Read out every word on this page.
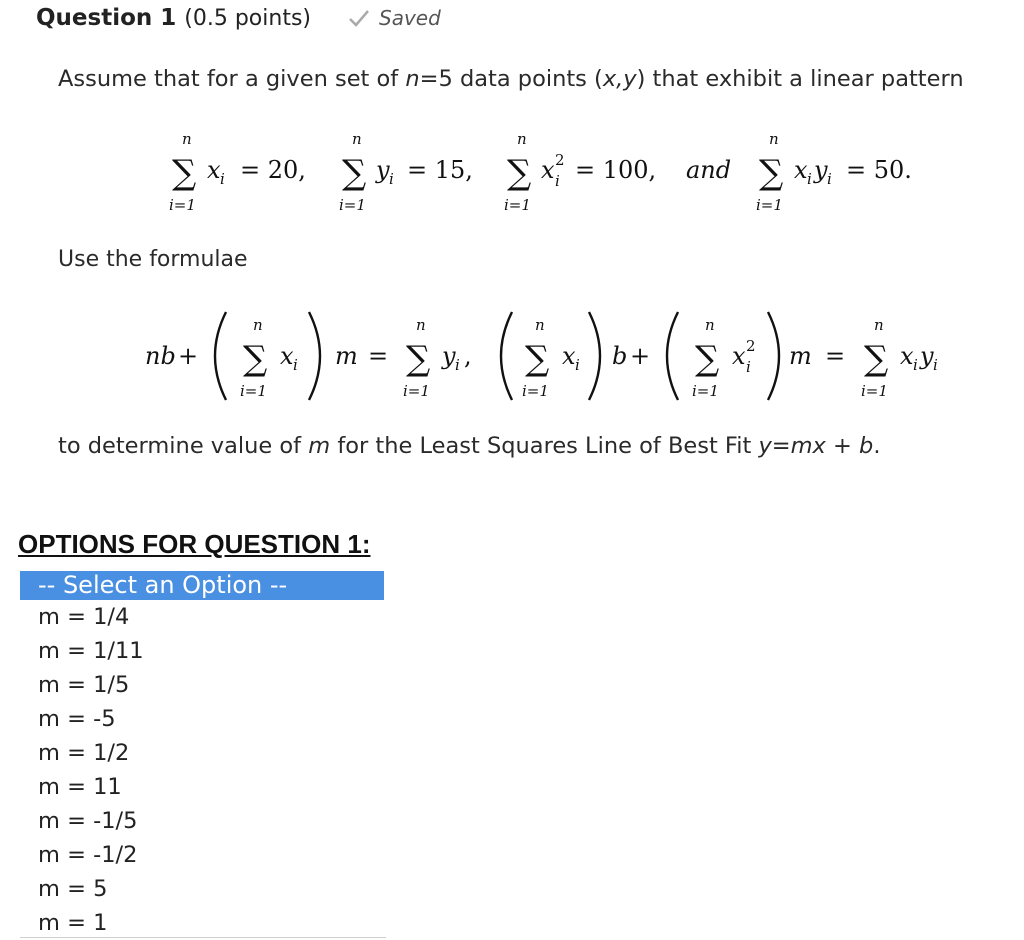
Question 1 (0.5 points)	Saved
Assume that for a given set of n=5 data points (x,y) that exhibit a linear pattern
n
∑
i=1
x i = 20,
n
∑
i=1
y i = 15,
n
∑
i=1
x 2
i = 100, and
n
∑
i=1
x i y i = 50.
nb +
n
∑
i=1
x i m =
n
∑
i=1
y i ,
n
∑
i=1
x i b +
n
∑
i=1
x 2
i m =
n
∑
i=1
x i y i
Use the formulae
to determine value of m for the Least Squares Line of Best Fit y=mx + b.
OPTIONS FOR QUESTION 1:
-- Select an Option --
m = 1/4
m = 1/11
m = 1/5
m = -5
m = 1/2
m = 11
m = -1/5
m = -1/2
m = 5
m = 1
